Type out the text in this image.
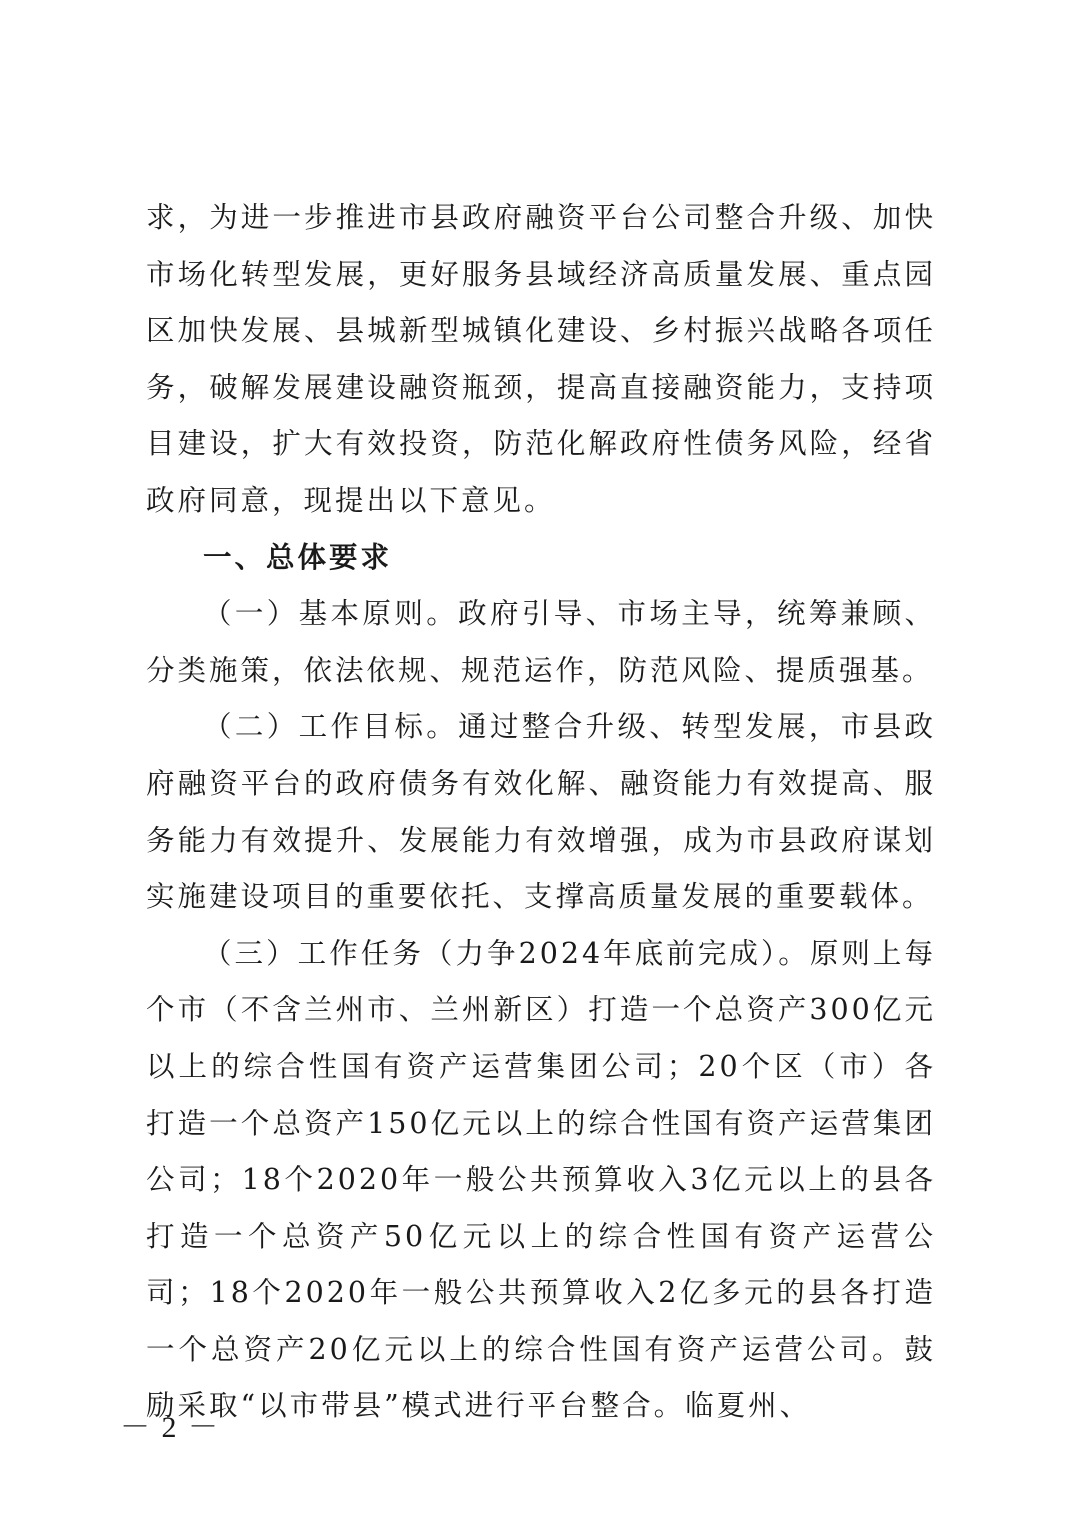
求，为进一步推进市县政府融资平台公司整合升级、加快市场化转型发展，更好服务县域经济高质量发展、重点园区加快发展、县城新型城镇化建设、乡村振兴战略各项任务，破解发展建设融资瓶颈，提高直接融资能力，支持项目建设，扩大有效投资，防范化解政府性债务风险，经省政府同意，现提出以下意见。

一、总体要求

（一）基本原则。政府引导、市场主导，统筹兼顾、分类施策，依法依规、规范运作，防范风险、提质强基。

（二）工作目标。通过整合升级、转型发展，市县政府融资平台的政府债务有效化解、融资能力有效提高、服务能力有效提升、发展能力有效增强，成为市县政府谋划实施建设项目的重要依托、支撑高质量发展的重要载体。

（三）工作任务（力争2024年底前完成）。原则上每个市（不含兰州市、兰州新区）打造一个总资产300亿元以上的综合性国有资产运营集团公司；20个区（市）各打造一个总资产150亿元以上的综合性国有资产运营集团公司；18个2020年一般公共预算收入3亿元以上的县各打造一个总资产50亿元以上的综合性国有资产运营公司；18个2020年一般公共预算收入2亿多元的县各打造一个总资产20亿元以上的综合性国有资产运营公司。鼓励采取“以市带县”模式进行平台整合。临夏州、

－ 2 －
